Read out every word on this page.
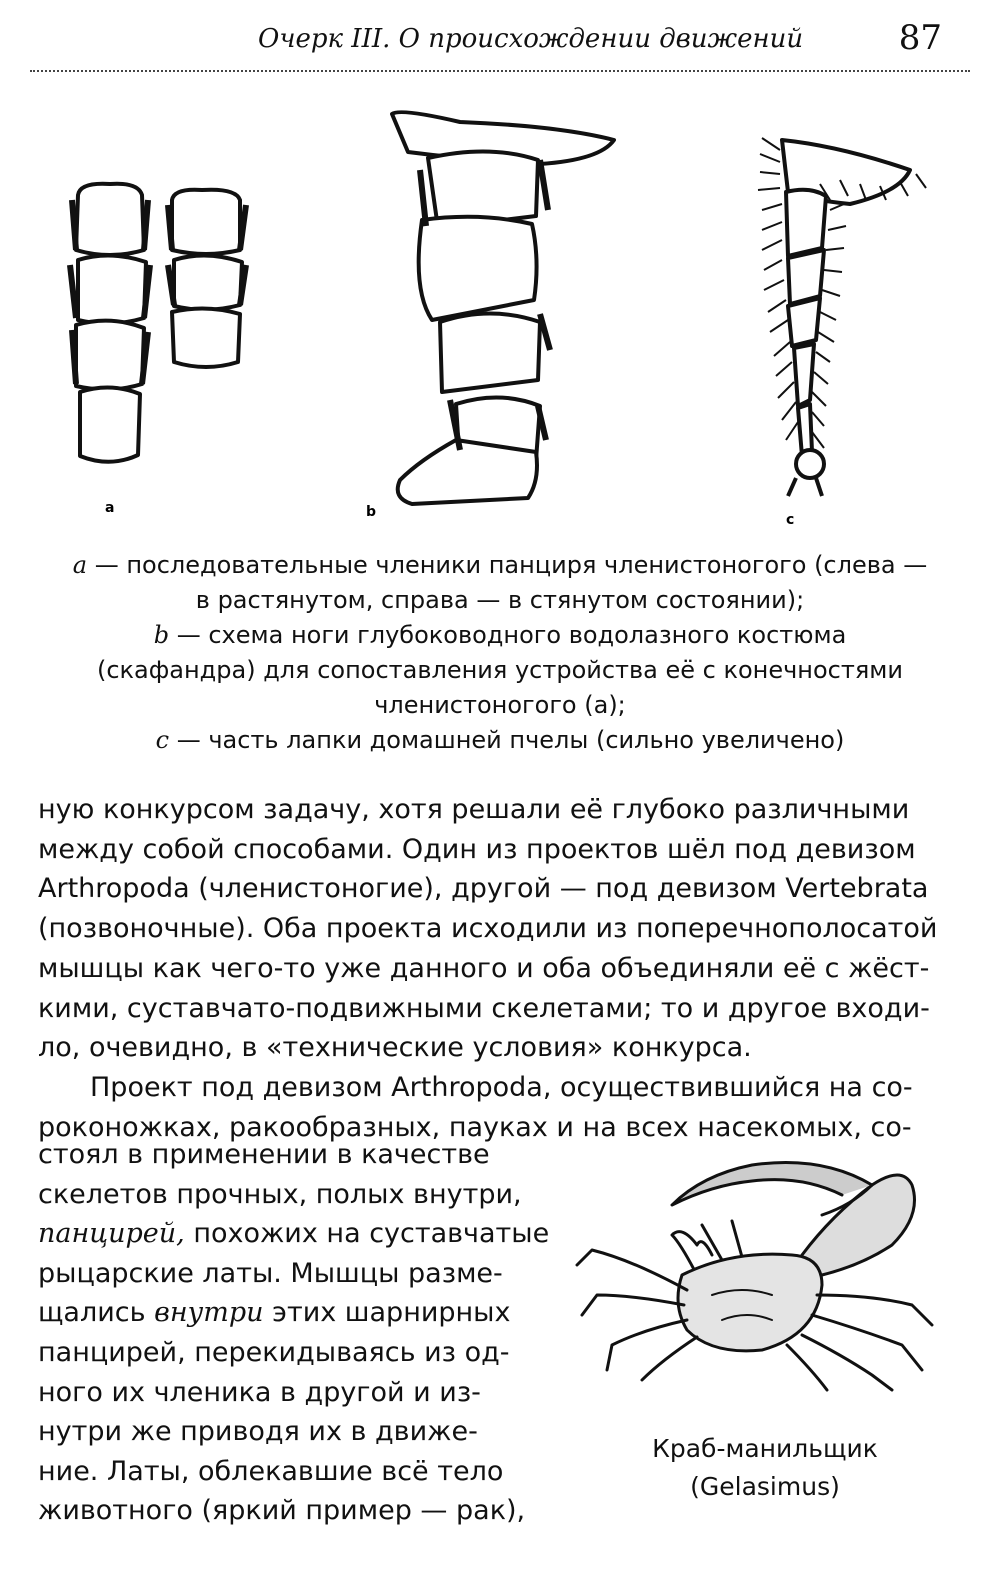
Очерк III. О происхождении движений	87
a	b	c

a — последовательные членики панциря членистоногого (слева —

в растянутом, справа — в стянутом состоянии);

b — схема ноги глубоководного водолазного костюма

(скафандра) для сопоставления устройства её с конечностями

членистоногого (a);

c — часть лапки домашней пчелы (сильно увеличено)

ную конкурсом задачу, хотя решали её глубоко различными
между собой способами. Один из проектов шёл под девизом
Arthropoda (членистоногие), другой — под девизом Vertebrata
(позвоночные). Оба проекта исходили из поперечнополосатой
мышцы как чего-то уже данного и оба объединяли её с жёст-
кими, суставчато-подвижными скелетами; то и другое входи-
ло, очевидно, в «технические условия» конкурса.
Проект под девизом Arthropoda, осуществившийся на со-
роконожках, ракообразных, пауках и на всех насекомых, со-
стоял в применении в качестве
скелетов прочных, полых внутри,
панцирей, похожих на суставчатые
рыцарские латы. Мышцы разме-
щались внутри этих шарнирных
панцирей, перекидываясь из од-
ного их членика в другой и из-
нутри же приводя их в движе-
ние. Латы, облекавшие всё тело
животного (яркий пример — рак),
Краб-манильщик
(Gelasimus)
